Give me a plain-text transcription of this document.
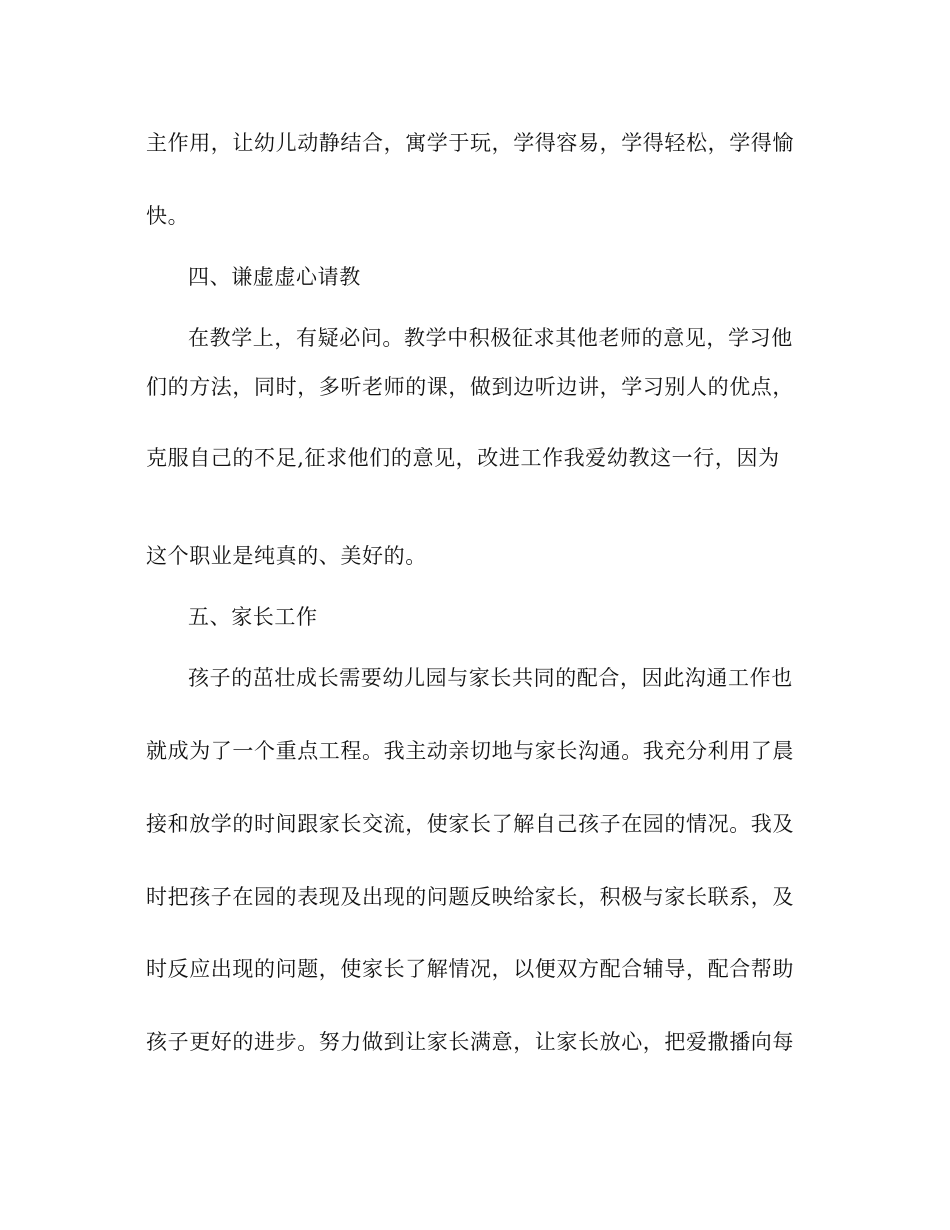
主作用，让幼儿动静结合，寓学于玩，学得容易，学得轻松，学得愉
快。
四、谦虚虚心请教
在教学上，有疑必问。教学中积极征求其他老师的意见，学习他
们的方法，同时，多听老师的课，做到边听边讲，学习别人的优点，
克服自己的不足,征求他们的意见，改进工作我爱幼教这一行，因为
这个职业是纯真的、美好的。
五、家长工作
孩子的茁壮成长需要幼儿园与家长共同的配合，因此沟通工作也
就成为了一个重点工程。我主动亲切地与家长沟通。我充分利用了晨
接和放学的时间跟家长交流，使家长了解自己孩子在园的情况。我及
时把孩子在园的表现及出现的问题反映给家长，积极与家长联系，及
时反应出现的问题，使家长了解情况，以便双方配合辅导，配合帮助
孩子更好的进步。努力做到让家长满意，让家长放心，把爱撒播向每
